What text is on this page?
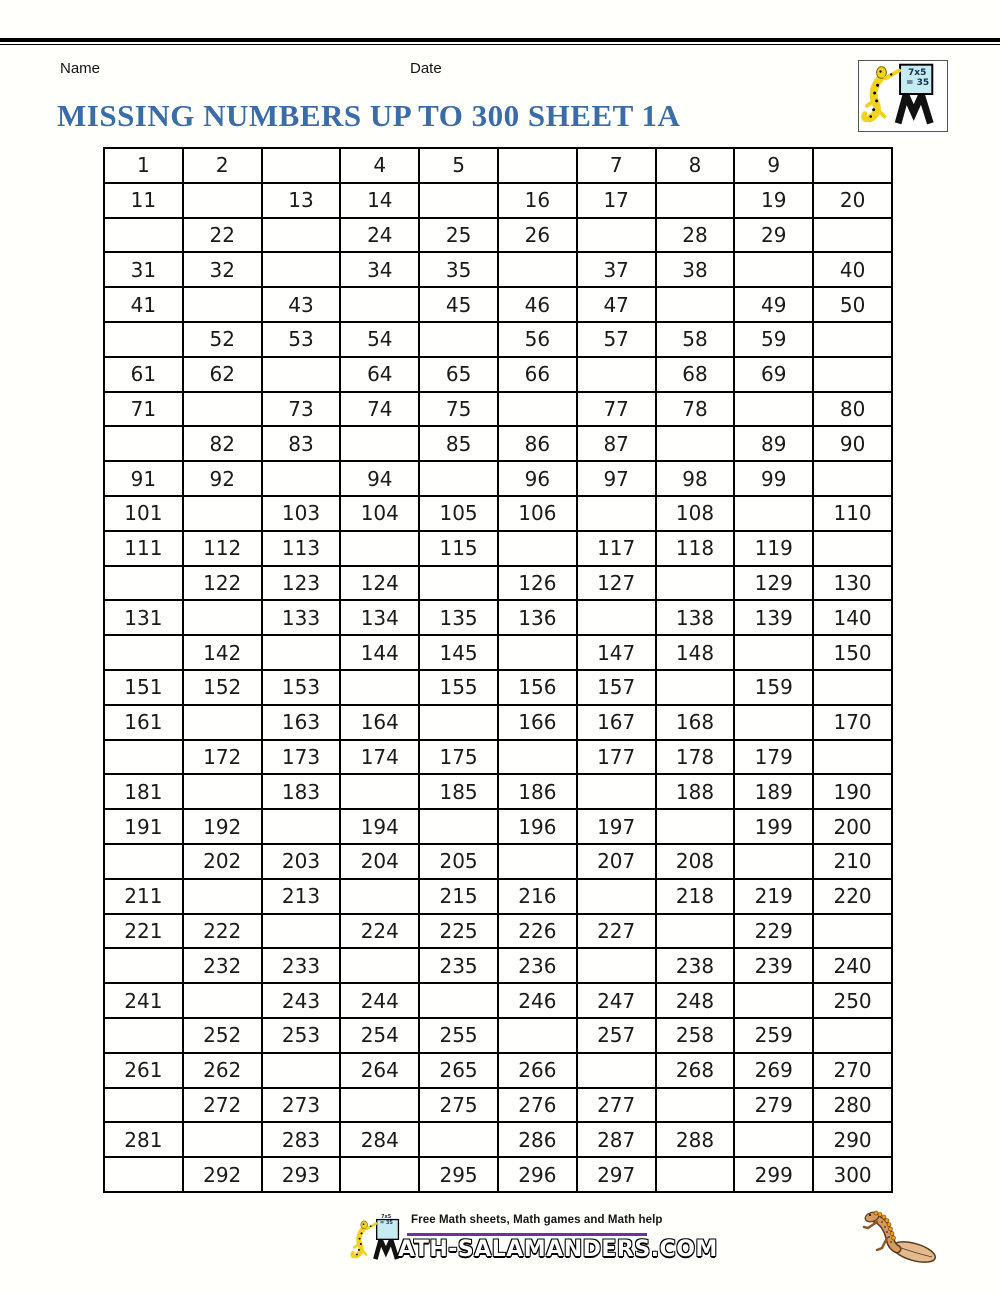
Name	Date	7x5
= 35
MISSING NUMBERS UP TO 300 SHEET 1A
1	2		4	5		7	8	9	
11		13	14		16	17		19	20
	22		24	25	26		28	29	
31	32		34	35		37	38		40
41		43		45	46	47		49	50
	52	53	54		56	57	58	59	
61	62		64	65	66		68	69	
71		73	74	75		77	78		80
	82	83		85	86	87		89	90
91	92		94		96	97	98	99	
101		103	104	105	106		108		110
111	112	113		115		117	118	119	
	122	123	124		126	127		129	130
131		133	134	135	136		138	139	140
	142		144	145		147	148		150
151	152	153		155	156	157		159	
161		163	164		166	167	168		170
	172	173	174	175		177	178	179	
181		183		185	186		188	189	190
191	192		194		196	197		199	200
	202	203	204	205		207	208		210
211		213		215	216		218	219	220
221	222		224	225	226	227		229	
	232	233		235	236		238	239	240
241		243	244		246	247	248		250
	252	253	254	255		257	258	259	
261	262		264	265	266		268	269	270
	272	273		275	276	277		279	280
281		283	284		286	287	288		290
	292	293		295	296	297		299	300
7x5
= 35 Free Math sheets, Math games and Math help
ATH-SALAMANDERS.COM
